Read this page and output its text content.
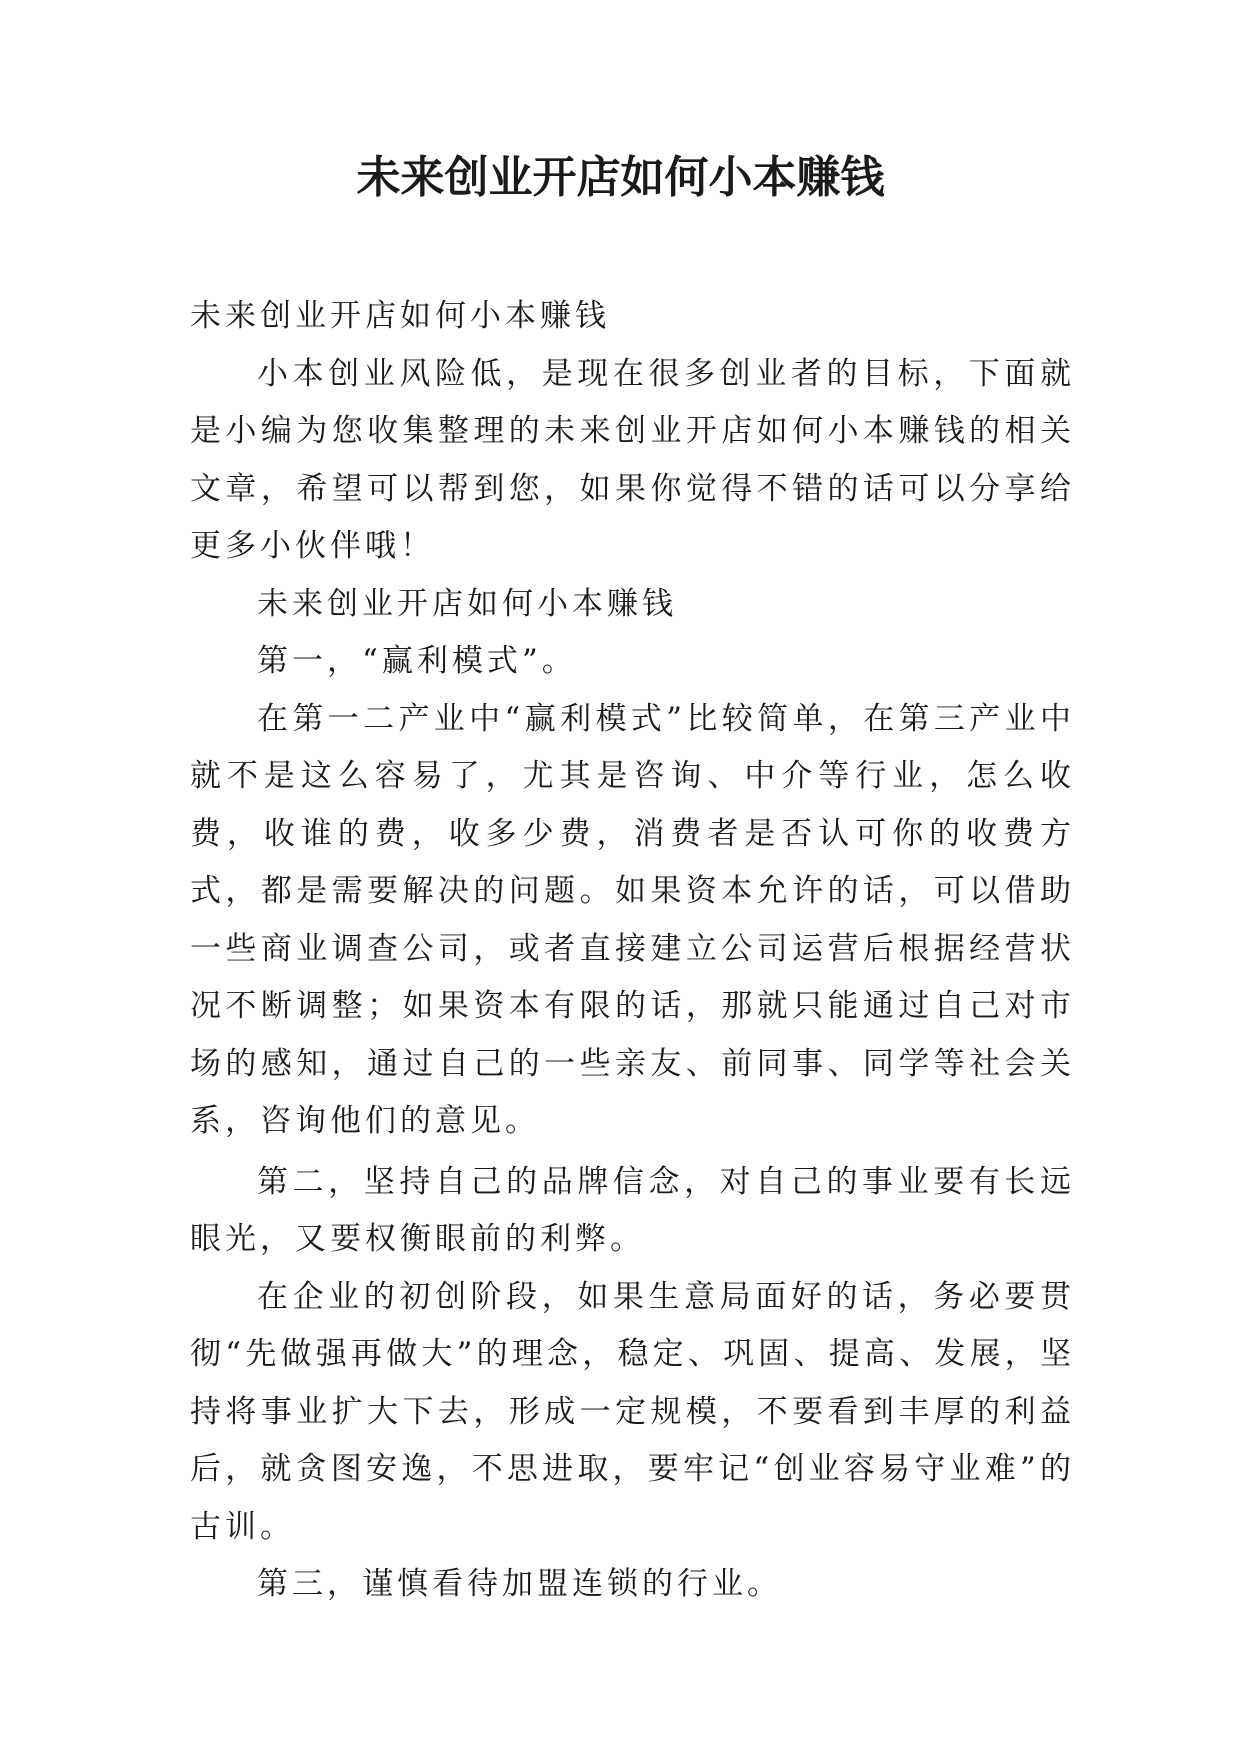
未来创业开店如何小本赚钱

未来创业开店如何小本赚钱

小本创业风险低，是现在很多创业者的目标，下面就是小编为您收集整理的未来创业开店如何小本赚钱的相关文章，希望可以帮到您，如果你觉得不错的话可以分享给更多小伙伴哦！

未来创业开店如何小本赚钱

第一，“赢利模式”。

在第一二产业中“赢利模式”比较简单，在第三产业中就不是这么容易了，尤其是咨询、中介等行业，怎么收费，收谁的费，收多少费，消费者是否认可你的收费方式，都是需要解决的问题。如果资本允许的话，可以借助一些商业调查公司，或者直接建立公司运营后根据经营状况不断调整；如果资本有限的话，那就只能通过自己对市场的感知，通过自己的一些亲友、前同事、同学等社会关系，咨询他们的意见。

第二，坚持自己的品牌信念，对自己的事业要有长远眼光，又要权衡眼前的利弊。

在企业的初创阶段，如果生意局面好的话，务必要贯彻“先做强再做大”的理念，稳定、巩固、提高、发展，坚持将事业扩大下去，形成一定规模，不要看到丰厚的利益后，就贪图安逸，不思进取，要牢记“创业容易守业难”的古训。

第三，谨慎看待加盟连锁的行业。
